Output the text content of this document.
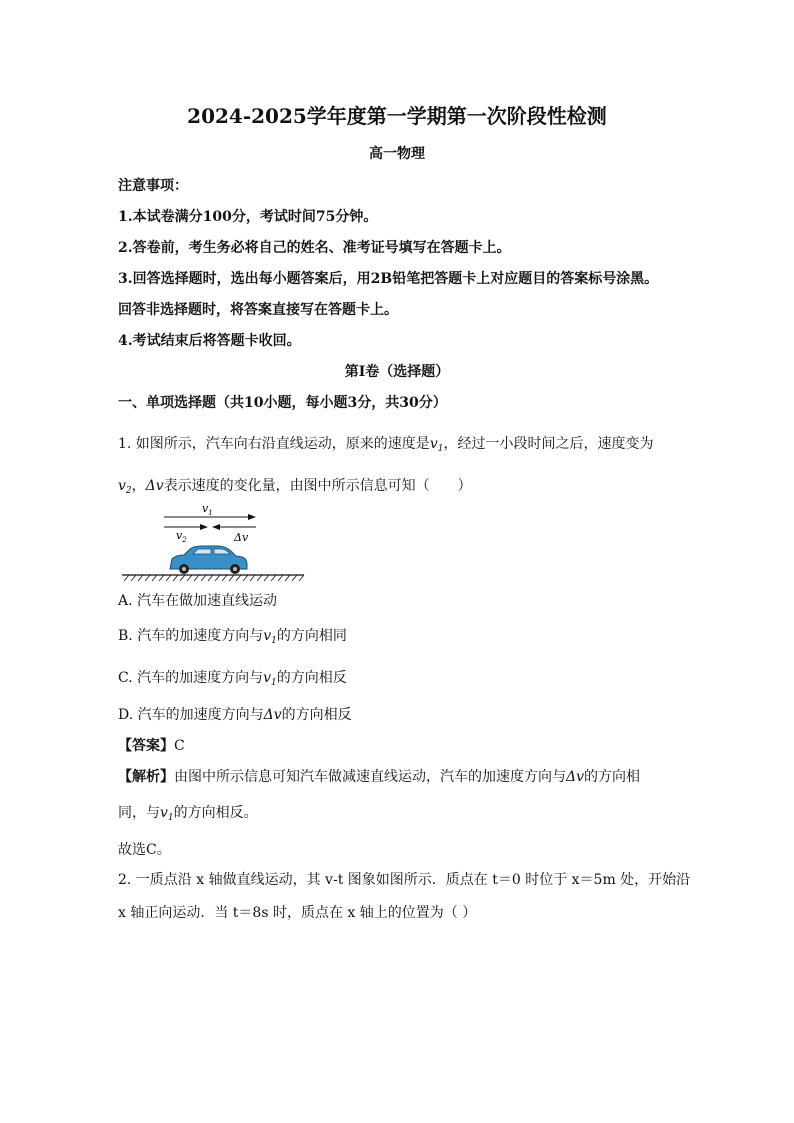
2024-2025学年度第一学期第一次阶段性检测
高一物理
注意事项：
1.本试卷满分100分，考试时间75分钟。
2.答卷前，考生务必将自己的姓名、准考证号填写在答题卡上。
3.回答选择题时，选出每小题答案后，用2B铅笔把答题卡上对应题目的答案标号涂黑。
回答非选择题时，将答案直接写在答题卡上。
4.考试结束后将答题卡收回。
第Ⅰ卷（选择题）
一、单项选择题（共10小题，每小题3分，共30分）
1. 如图所示，汽车向右沿直线运动，原来的速度是$v_1$，经过一小段时间之后，速度变为
$v_2$，Δv表示速度的变化量，由图中所示信息可知（　　）
$v_1$
$v_2$	Δv
A. 汽车在做加速直线运动
B. 汽车的加速度方向与$v_1$的方向相同
C. 汽车的加速度方向与$v_1$的方向相反
D. 汽车的加速度方向与Δv的方向相反
【答案】C
【解析】由图中所示信息可知汽车做减速直线运动，汽车的加速度方向与Δv的方向相
同，与$v_1$的方向相反。
故选C。
2. 一质点沿 x 轴做直线运动，其 v-t 图象如图所示．质点在 t＝0 时位于 x＝5m 处，开始沿
x 轴正向运动．当 t＝8s 时，质点在 x 轴上的位置为（ ）
